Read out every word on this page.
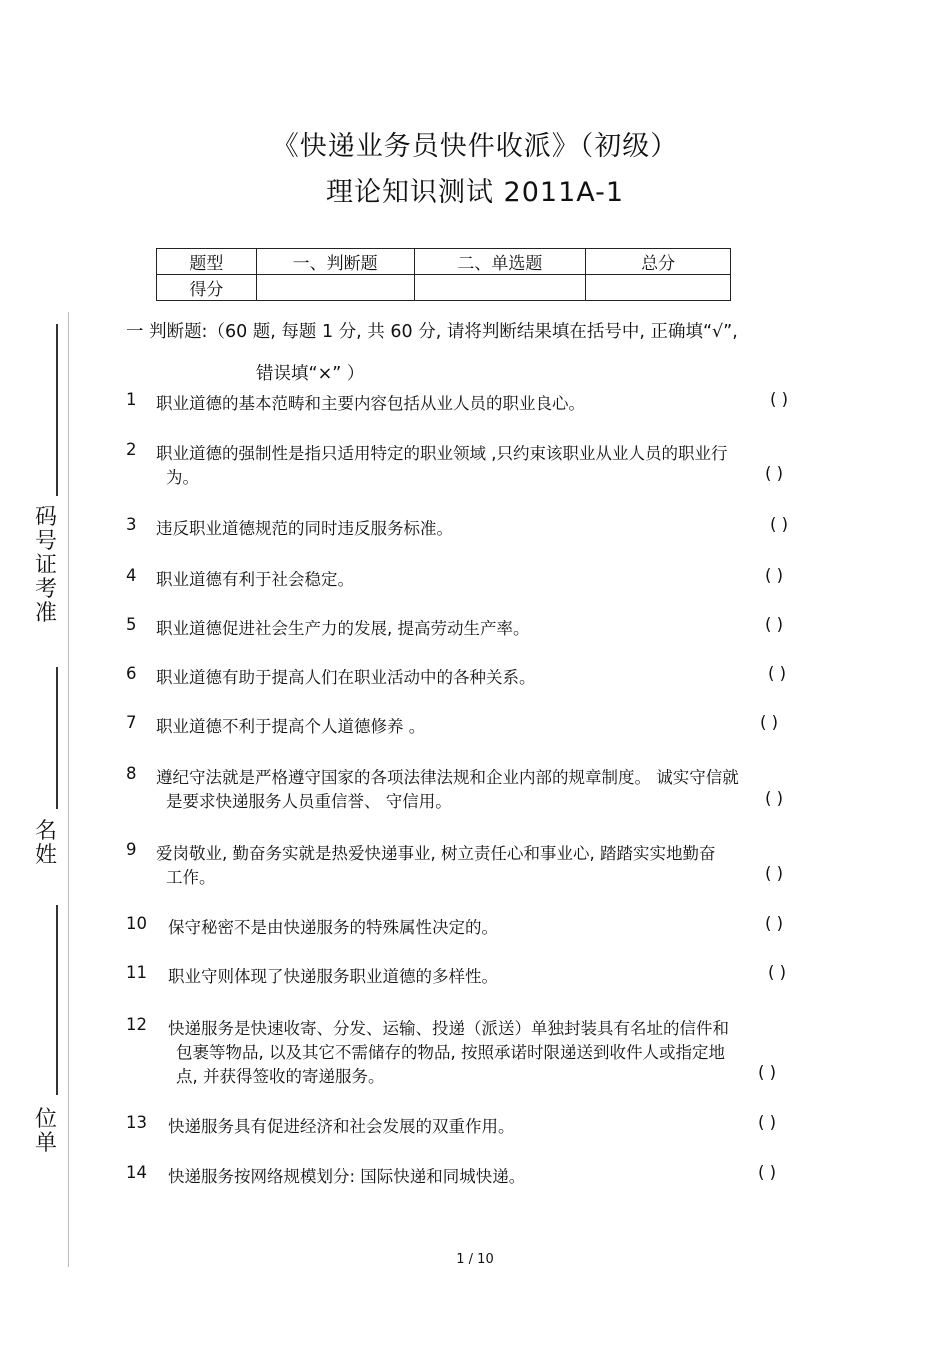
《快递业务员快件收派》（初级）
理论知识测试 2011A-1
题型	一、判断题	二、单选题	总分
得分			
码
号
证
考
准
名
姓
位
单
一 判断题:（60 题, 每题 1 分, 共 60 分, 请将判断结果填在括号中, 正确填“√”,
错误填“×” ）
1 职业道德的基本范畴和主要内容包括从业人员的职业良心。	( )
2 职业道德的强制性是指只适用特定的职业领域 ,只约束该职业从业人员的职业行
为。	( )
3 违反职业道德规范的同时违反服务标准。	( )
4 职业道德有利于社会稳定。	( )
5 职业道德促进社会生产力的发展, 提高劳动生产率。	( )
6 职业道德有助于提高人们在职业活动中的各种关系。	( )
7 职业道德不利于提高个人道德修养 。	( )
8 遵纪守法就是严格遵守国家的各项法律法规和企业内部的规章制度。 诚实守信就
是要求快递服务人员重信誉、 守信用。	( )
9 爱岗敬业, 勤奋务实就是热爱快递事业, 树立责任心和事业心, 踏踏实实地勤奋
工作。	( )
10 保守秘密不是由快递服务的特殊属性决定的。	( )
11 职业守则体现了快递服务职业道德的多样性。	( )
12 快递服务是快速收寄、分发、运输、投递（派送）单独封装具有名址的信件和
包裹等物品, 以及其它不需储存的物品, 按照承诺时限递送到收件人或指定地
点, 并获得签收的寄递服务。	( )
13 快递服务具有促进经济和社会发展的双重作用。	( )
14 快递服务按网络规模划分: 国际快递和同城快递。	( )
1 / 10
